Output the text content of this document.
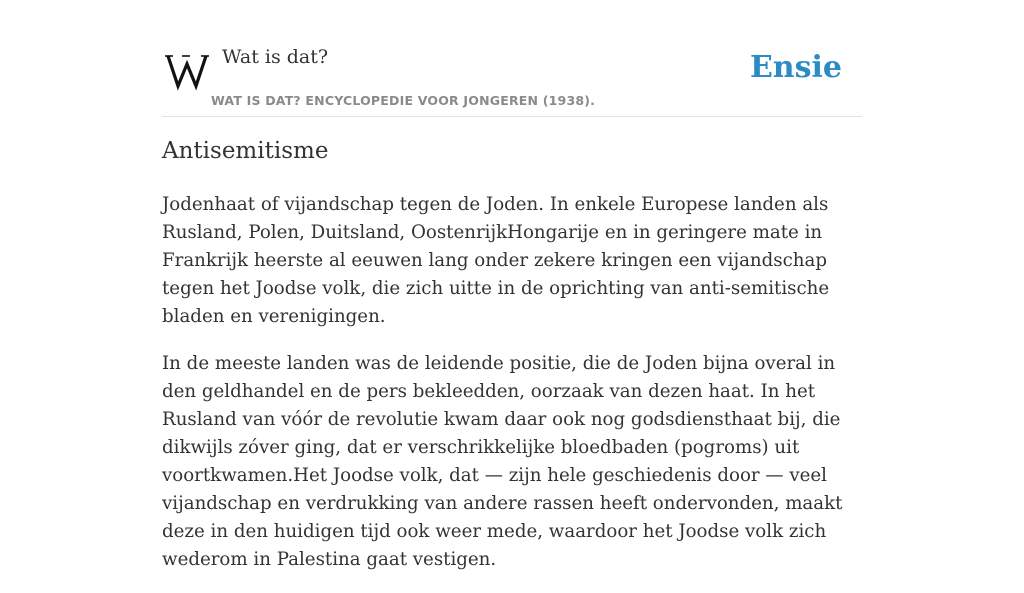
Wat is dat?
WAT IS DAT? ENCYCLOPEDIE VOOR JONGEREN (1938).
Ensie
Antisemitisme

Jodenhaat of vijandschap tegen de Joden. In enkele Europese landen als Rusland, Polen, Duitsland, OostenrijkHongarije en in geringere mate in Frankrijk heerste al eeuwen lang onder zekere kringen een vijandschap tegen het Joodse volk, die zich uitte in de oprichting van anti-semitische bladen en verenigingen.

In de meeste landen was de leidende positie, die de Joden bijna overal in den geldhandel en de pers bekleedden, oorzaak van dezen haat. In het Rusland van vóór de revolutie kwam daar ook nog godsdiensthaat bij, die dikwijls zóver ging, dat er verschrikkelijke bloedbaden (pogroms) uit voortkwamen.Het Joodse volk, dat — zijn hele geschiedenis door — veel vijandschap en verdrukking van andere rassen heeft ondervonden, maakt deze in den huidigen tijd ook weer mede, waardoor het Joodse volk zich wederom in Palestina gaat vestigen.
